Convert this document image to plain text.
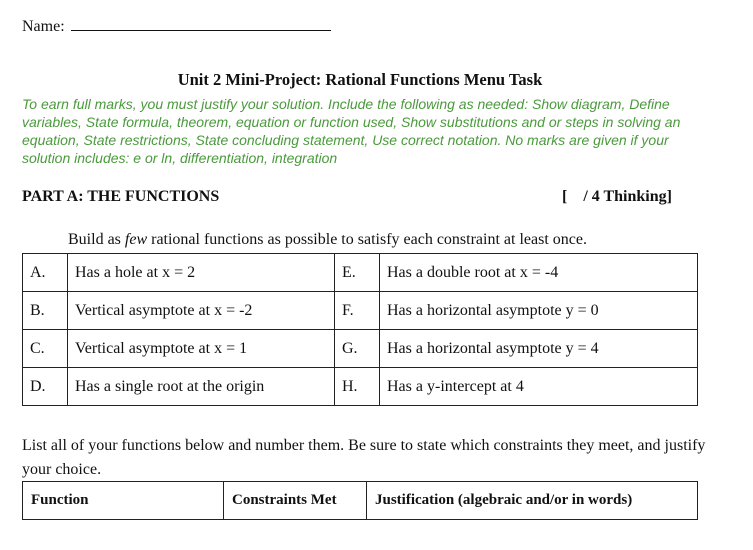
Name:
Unit 2 Mini-Project: Rational Functions Menu Task
To earn full marks, you must justify your solution. Include the following as needed: Show diagram, Define variables, State formula, theorem, equation or function used, Show substitutions and or steps in solving an equation, State restrictions, State concluding statement, Use correct notation. No marks are given if your solution includes: e or ln, differentiation, integration
PART A: THE FUNCTIONS	[    / 4 Thinking]
Build as few rational functions as possible to satisfy each constraint at least once.
A.	Has a hole at x = 2	E.	Has a double root at x = -4
B.	Vertical asymptote at x = -2	F.	Has a horizontal asymptote y = 0
C.	Vertical asymptote at x = 1	G.	Has a horizontal asymptote y = 4
D.	Has a single root at the origin	H.	Has a y-intercept at 4
List all of your functions below and number them. Be sure to state which constraints they meet, and justify your choice.
Function	Constraints Met	Justification (algebraic and/or in words)
